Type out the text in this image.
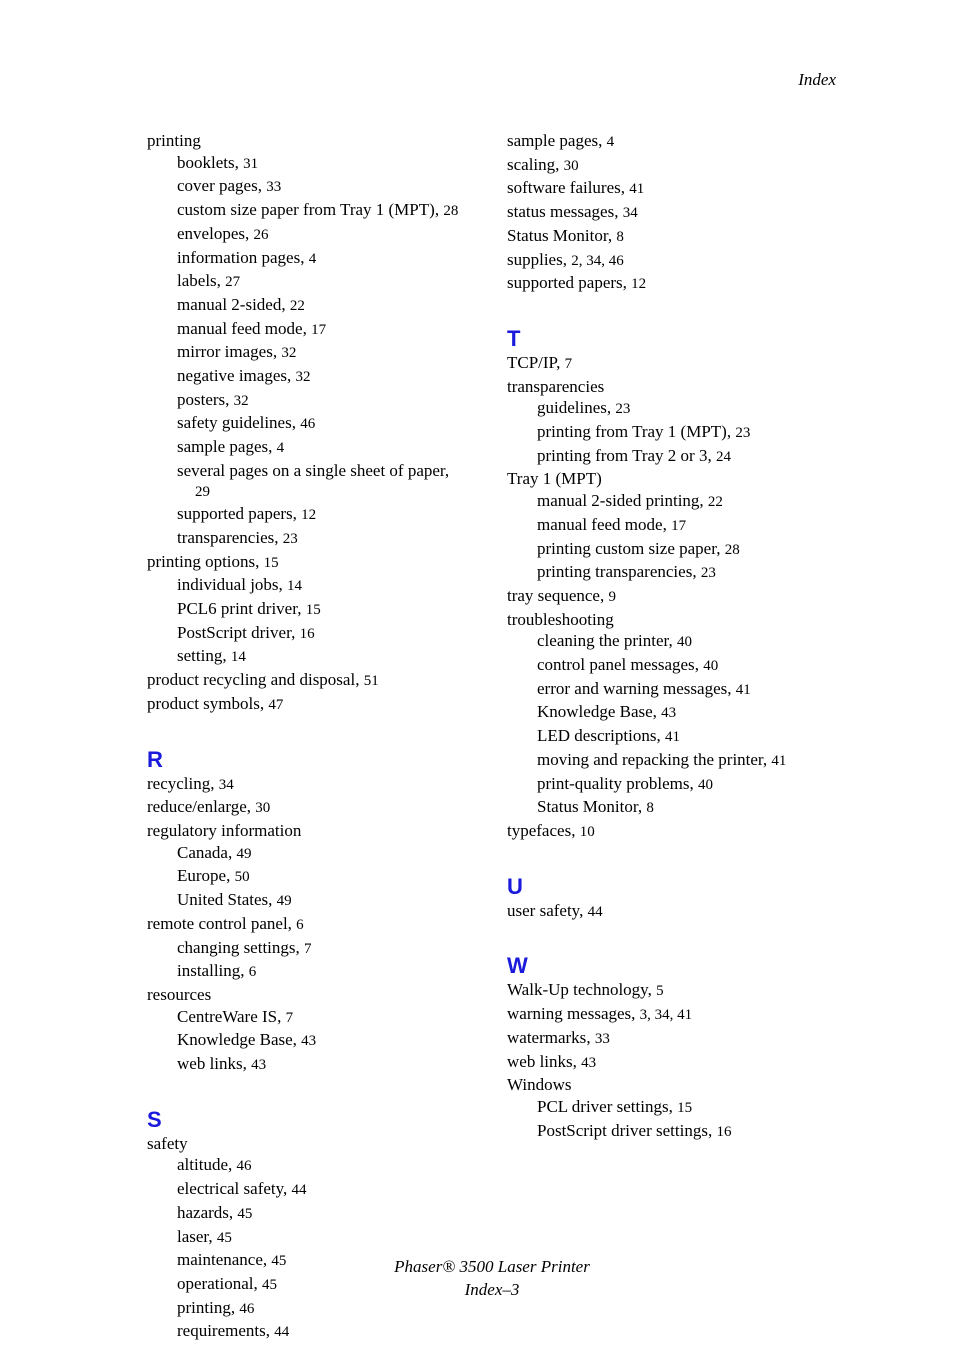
Index
printing
booklets, 31
cover pages, 33
custom size paper from Tray 1 (MPT), 28
envelopes, 26
information pages, 4
labels, 27
manual 2-sided, 22
manual feed mode, 17
mirror images, 32
negative images, 32
posters, 32
safety guidelines, 46
sample pages, 4
several pages on a single sheet of paper,
29
supported papers, 12
transparencies, 23
printing options, 15
individual jobs, 14
PCL6 print driver, 15
PostScript driver, 16
setting, 14
product recycling and disposal, 51
product symbols, 47
R
recycling, 34
reduce/enlarge, 30
regulatory information
Canada, 49
Europe, 50
United States, 49
remote control panel, 6
changing settings, 7
installing, 6
resources
CentreWare IS, 7
Knowledge Base, 43
web links, 43
S
safety
altitude, 46
electrical safety, 44
hazards, 45
laser, 45
maintenance, 45
operational, 45
printing, 46
requirements, 44
sample pages, 4
scaling, 30
software failures, 41
status messages, 34
Status Monitor, 8
supplies, 2, 34, 46
supported papers, 12
T
TCP/IP, 7
transparencies
guidelines, 23
printing from Tray 1 (MPT), 23
printing from Tray 2 or 3, 24
Tray 1 (MPT)
manual 2-sided printing, 22
manual feed mode, 17
printing custom size paper, 28
printing transparencies, 23
tray sequence, 9
troubleshooting
cleaning the printer, 40
control panel messages, 40
error and warning messages, 41
Knowledge Base, 43
LED descriptions, 41
moving and repacking the printer, 41
print-quality problems, 40
Status Monitor, 8
typefaces, 10
U
user safety, 44
W
Walk-Up technology, 5
warning messages, 3, 34, 41
watermarks, 33
web links, 43
Windows
PCL driver settings, 15
PostScript driver settings, 16
Phaser® 3500 Laser Printer
Index–3
